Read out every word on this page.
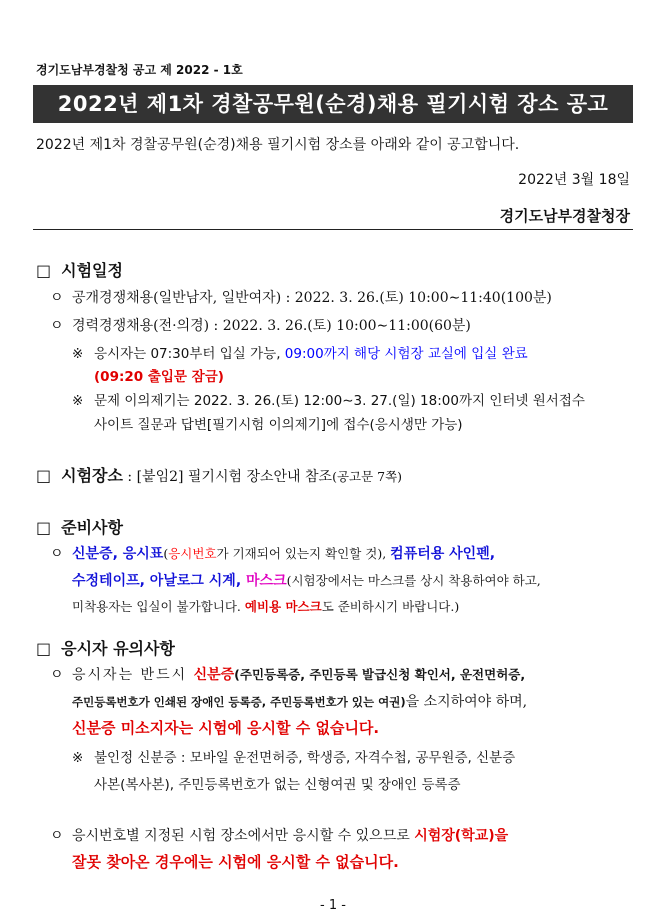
경기도남부경찰청 공고 제 2022 - 1호
2022년 제1차 경찰공무원(순경)채용 필기시험 장소 공고
2022년 제1차 경찰공무원(순경)채용 필기시험 장소를 아래와 같이 공고합니다.
2022년 3월 18일
경기도남부경찰청장
□ 시험일정
ㅇ 공개경쟁채용(일반남자, 일반여자) : 2022. 3. 26.(토) 10:00∼11:40(100분)
ㅇ 경력경쟁채용(전·의경) : 2022. 3. 26.(토) 10:00∼11:00(60분)
※ 응시자는 07:30부터 입실 가능, 09:00까지 해당 시험장 교실에 입실 완료
(09:20 출입문 잠금)
※ 문제 이의제기는 2022. 3. 26.(토) 12:00∼3. 27.(일) 18:00까지 인터넷 원서접수
사이트 질문과 답변[필기시험 이의제기]에 접수(응시생만 가능)
□ 시험장소 : [붙임2] 필기시험 장소안내 참조(공고문 7쪽)
□ 준비사항
ㅇ 신분증, 응시표(응시번호가 기재되어 있는지 확인할 것), 컴퓨터용 사인펜,
수정테이프, 아날로그 시계, 마스크(시험장에서는 마스크를 상시 착용하여야 하고,
미착용자는 입실이 불가합니다. 예비용 마스크도 준비하시기 바랍니다.)
□ 응시자 유의사항
ㅇ 응시자는 반드시 신분증(주민등록증, 주민등록 발급신청 확인서, 운전면허증,
주민등록번호가 인쇄된 장애인 등록증, 주민등록번호가 있는 여권)을 소지하여야 하며,
신분증 미소지자는 시험에 응시할 수 없습니다.
※ 불인정 신분증 : 모바일 운전면허증, 학생증, 자격수첩, 공무원증, 신분증
사본(복사본), 주민등록번호가 없는 신형여권 및 장애인 등록증
ㅇ 응시번호별 지정된 시험 장소에서만 응시할 수 있으므로 시험장(학교)을
잘못 찾아온 경우에는 시험에 응시할 수 없습니다.
- 1 -
